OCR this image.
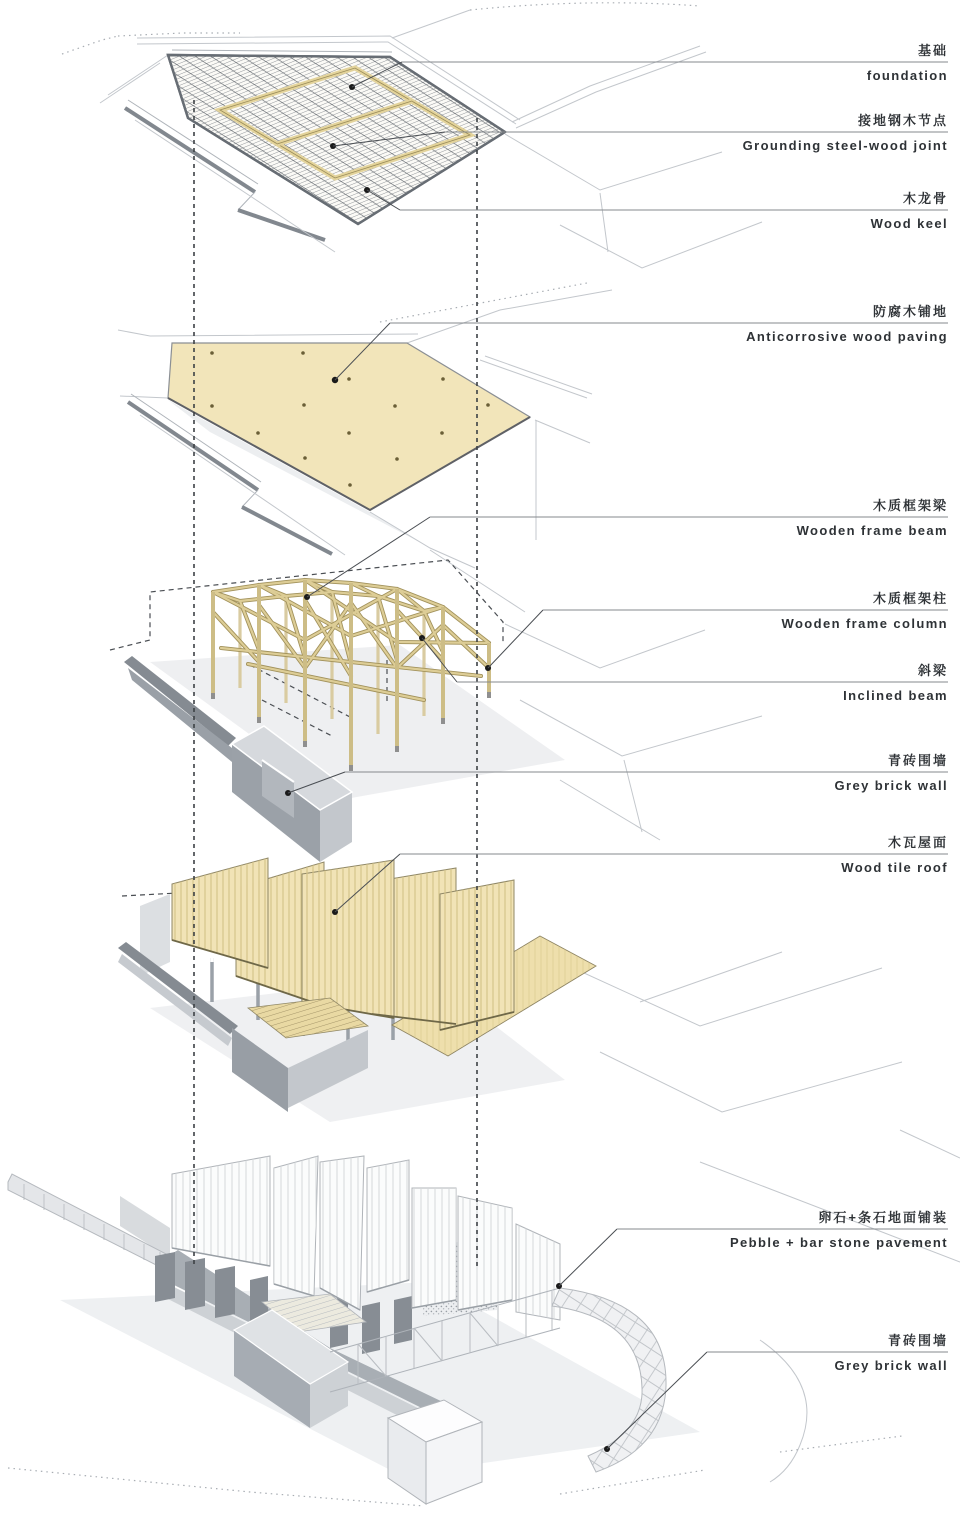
基础
foundation
接地钢木节点
Grounding steel-wood joint
木龙骨
Wood keel
防腐木铺地
Anticorrosive wood paving
木质框架梁
Wooden frame beam
木质框架柱
Wooden frame column
斜梁
Inclined beam
青砖围墙
Grey brick wall
木瓦屋面
Wood tile roof
卵石+条石地面铺装
Pebble + bar stone pavement
青砖围墙
Grey brick wall
